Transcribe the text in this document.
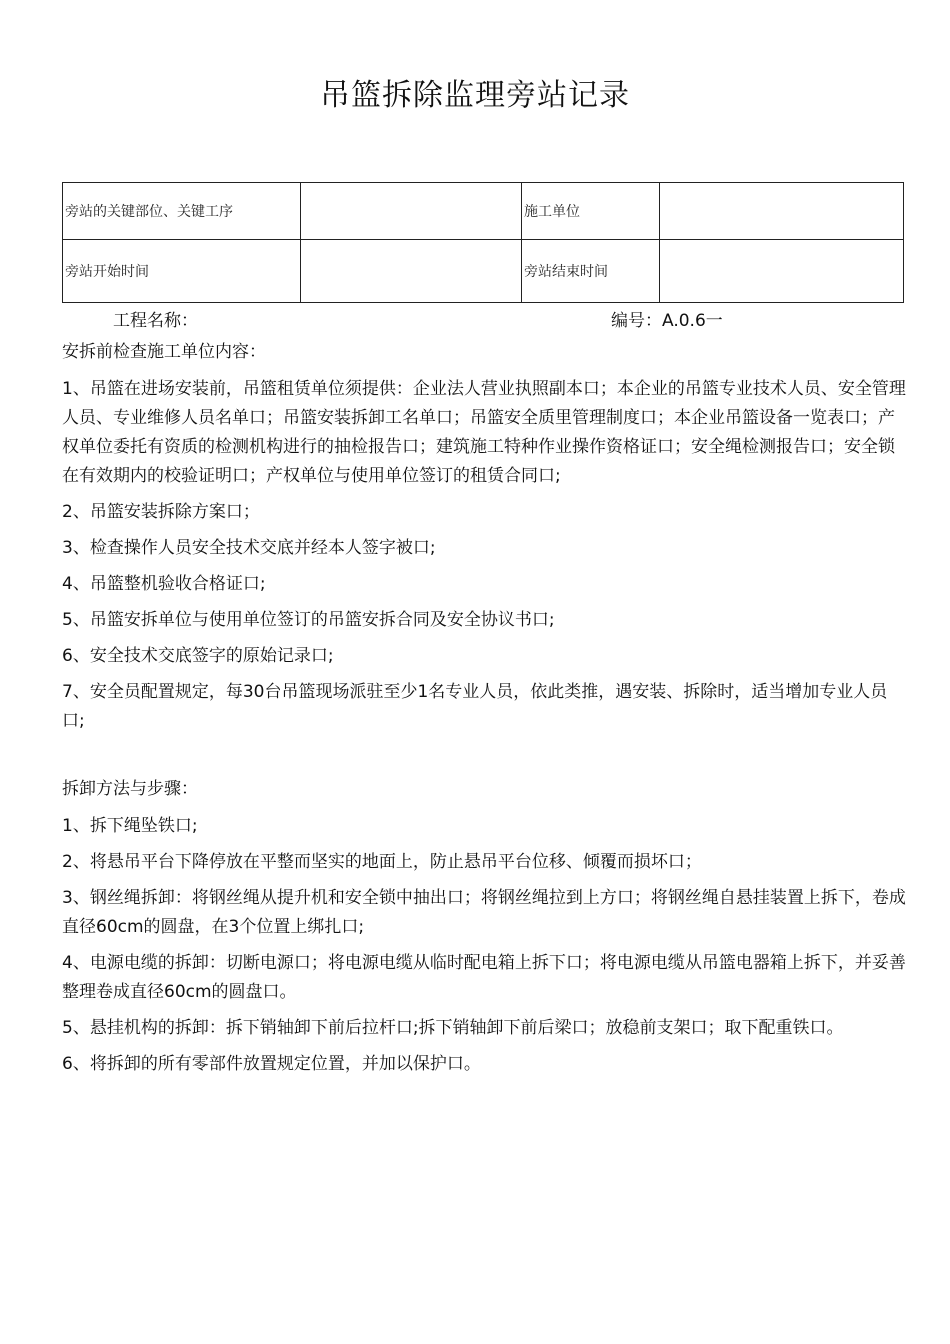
吊篮拆除监理旁站记录
旁站的关键部位、关键工序		施工单位	
旁站开始时间		旁站结束时间	
工程名称：	编号：A.0.6一

安拆前检查施工单位内容：

1、吊篮在进场安装前，吊篮租赁单位须提供：企业法人营业执照副本口；本企业的吊篮专业技术人员、安全管理人员、专业维修人员名单口；吊篮安装拆卸工名单口；吊篮安全质里管理制度口；本企业吊篮设备一览表口；产权单位委托有资质的检测机构进行的抽检报告口；建筑施工特种作业操作资格证口；安全绳检测报告口；安全锁在有效期内的校验证明口；产权单位与使用单位签订的租赁合同口;

2、吊篮安装拆除方案口；

3、检查操作人员安全技术交底并经本人签字被口;

4、吊篮整机验收合格证口;

5、吊篮安拆单位与使用单位签订的吊篮安拆合同及安全协议书口;

6、安全技术交底签字的原始记录口;

7、安全员配置规定，每30台吊篮现场派驻至少1名专业人员，依此类推，遇安装、拆除时，适当增加专业人员口;

拆卸方法与步骤：

1、拆下绳坠铁口;

2、将悬吊平台下降停放在平整而坚实的地面上，防止悬吊平台位移、倾覆而损坏口；

3、钢丝绳拆卸：将钢丝绳从提升机和安全锁中抽出口；将钢丝绳拉到上方口；将钢丝绳自悬挂装置上拆下，卷成直径60cm的圆盘，在3个位置上绑扎口;

4、电源电缆的拆卸：切断电源口；将电源电缆从临时配电箱上拆下口；将电源电缆从吊篮电器箱上拆下，并妥善整理卷成直径60cm的圆盘口。

5、悬挂机构的拆卸：拆下销轴卸下前后拉杆口;拆下销轴卸下前后梁口；放稳前支架口；取下配重铁口。

6、将拆卸的所有零部件放置规定位置，并加以保护口。
